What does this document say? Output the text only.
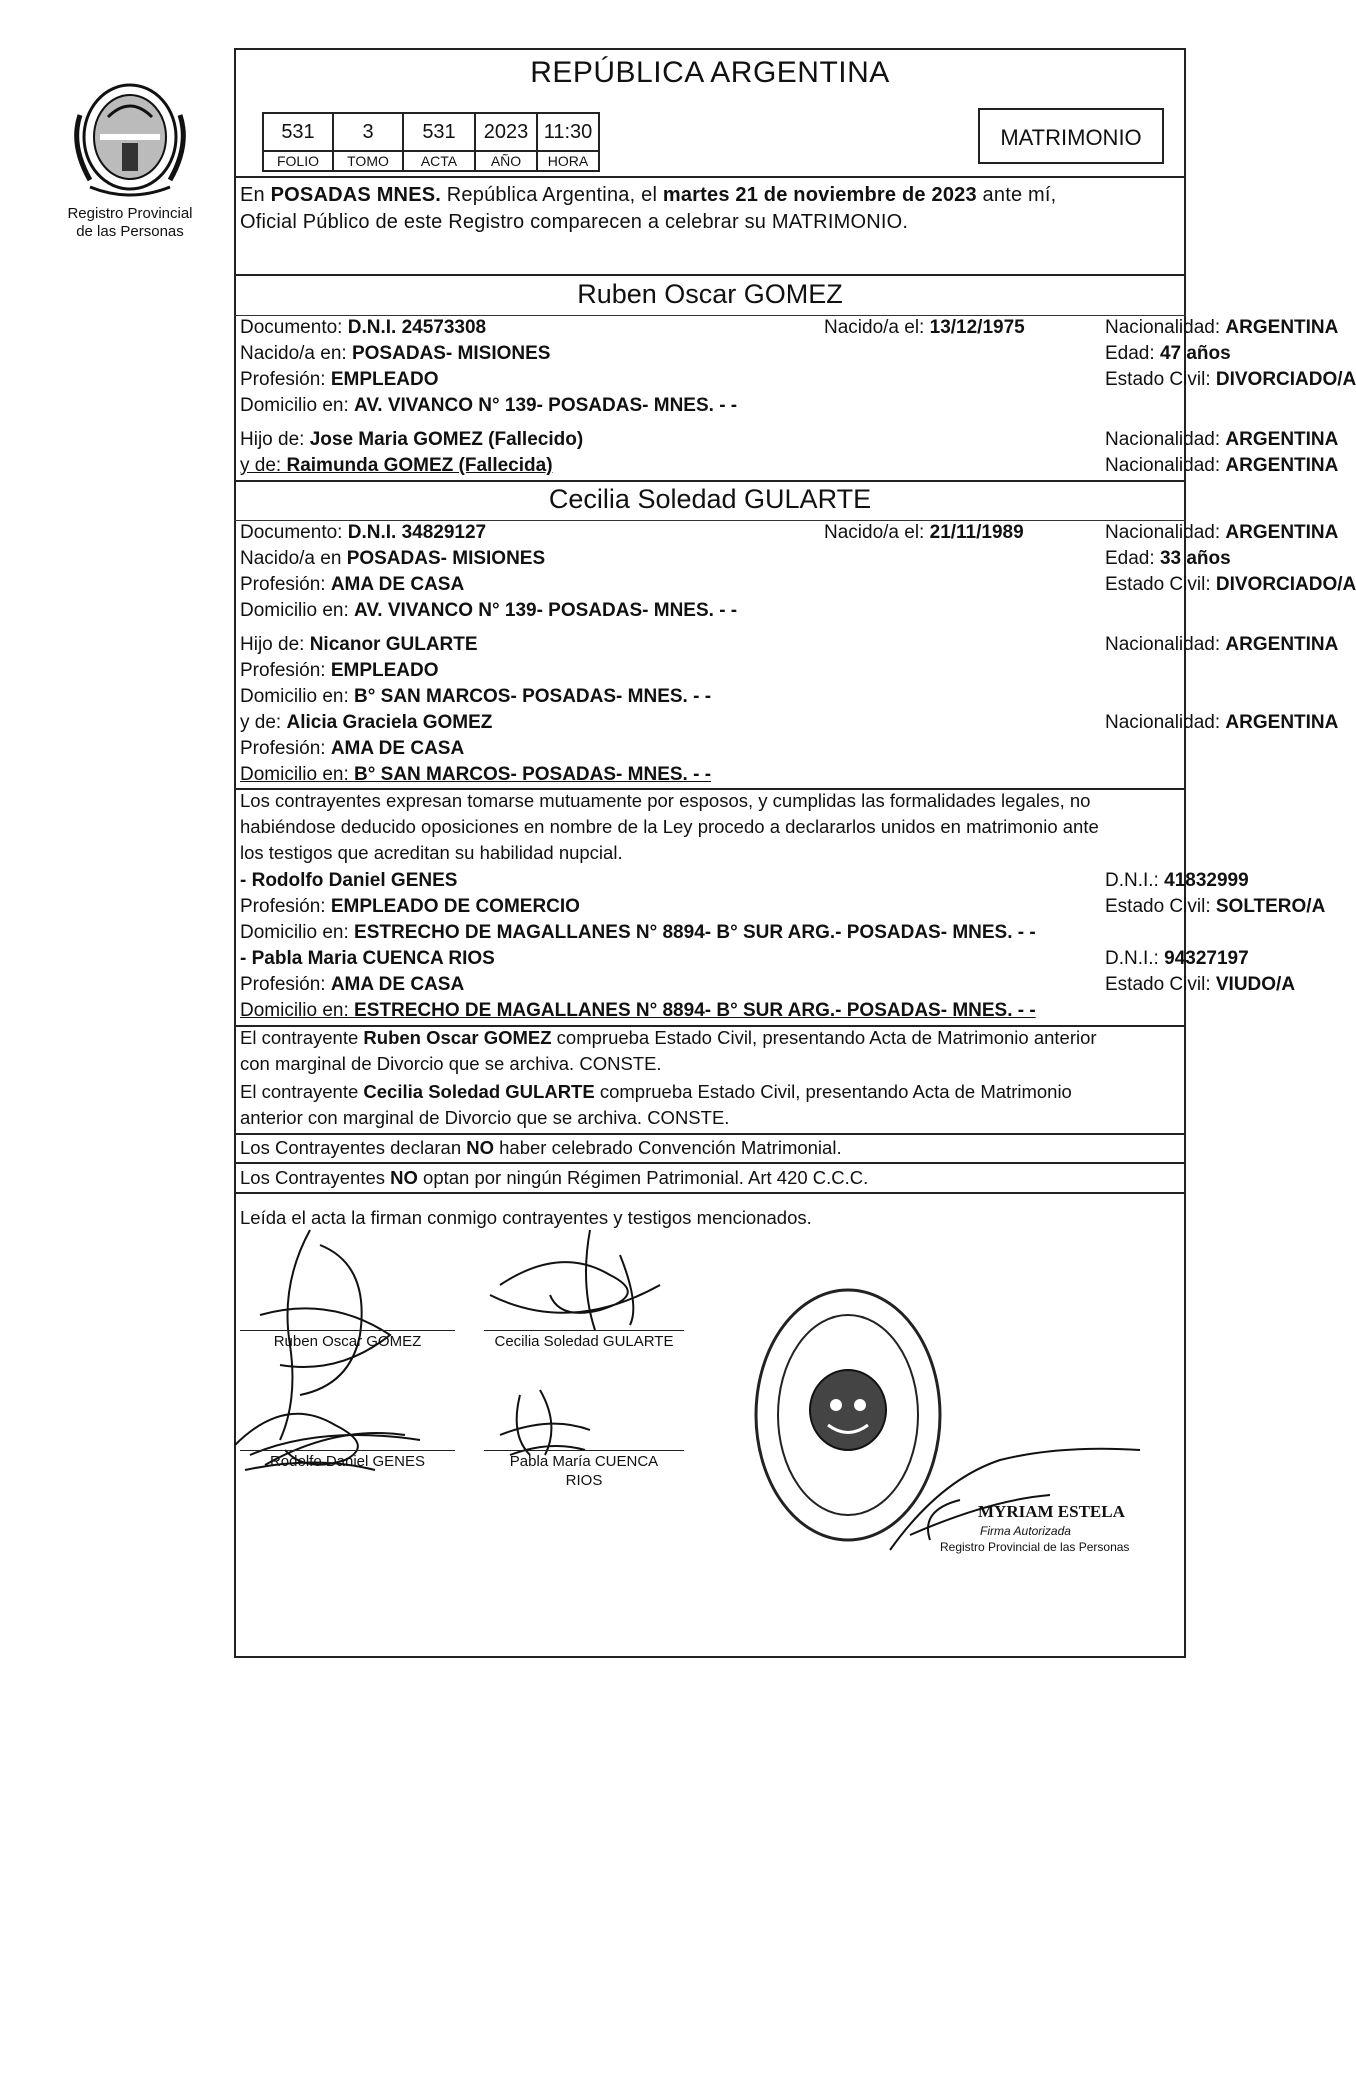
Registro Provincial
de las Personas
REPÚBLICA ARGENTINA
531	3	531	2023	11:30
FOLIO	TOMO	ACTA	AÑO	HORA
MATRIMONIO
En POSADAS MNES. República Argentina, el martes 21 de noviembre de 2023 ante mí,
Oficial Público de este Registro comparecen a celebrar su MATRIMONIO.
Ruben Oscar GOMEZ
Documento: D.N.I. 24573308	Nacido/a el: 13/12/1975	Nacionalidad: ARGENTINA
Nacido/a en: POSADAS- MISIONES	Edad: 47 años
Profesión: EMPLEADO	Estado Civil: DIVORCIADO/A
Domicilio en: AV. VIVANCO N° 139- POSADAS- MNES. - -
Hijo de: Jose Maria GOMEZ (Fallecido)	Nacionalidad: ARGENTINA
y de: Raimunda GOMEZ (Fallecida)	Nacionalidad: ARGENTINA
Cecilia Soledad GULARTE
Documento: D.N.I. 34829127	Nacido/a el: 21/11/1989	Nacionalidad: ARGENTINA
Nacido/a en POSADAS- MISIONES	Edad: 33 años
Profesión: AMA DE CASA	Estado Civil: DIVORCIADO/A
Domicilio en: AV. VIVANCO N° 139- POSADAS- MNES. - -
Hijo de: Nicanor GULARTE	Nacionalidad: ARGENTINA
Profesión: EMPLEADO
Domicilio en: B° SAN MARCOS- POSADAS- MNES. - -
y de: Alicia Graciela GOMEZ	Nacionalidad: ARGENTINA
Profesión: AMA DE CASA
Domicilio en: B° SAN MARCOS- POSADAS- MNES. - -
Los contrayentes expresan tomarse mutuamente por esposos, y cumplidas las formalidades legales, no
habiéndose deducido oposiciones en nombre de la Ley procedo a declararlos unidos en matrimonio ante
los testigos que acreditan su habilidad nupcial.
- Rodolfo Daniel GENES	D.N.I.: 41832999
Profesión: EMPLEADO DE COMERCIO	Estado Civil: SOLTERO/A
Domicilio en: ESTRECHO DE MAGALLANES N° 8894- B° SUR ARG.- POSADAS- MNES. - -
- Pabla Maria CUENCA RIOS	D.N.I.: 94327197
Profesión: AMA DE CASA	Estado Civil: VIUDO/A
Domicilio en: ESTRECHO DE MAGALLANES N° 8894- B° SUR ARG.- POSADAS- MNES. - -
El contrayente Ruben Oscar GOMEZ comprueba Estado Civil, presentando Acta de Matrimonio anterior
con marginal de Divorcio que se archiva. CONSTE.
El contrayente Cecilia Soledad GULARTE comprueba Estado Civil, presentando Acta de Matrimonio
anterior con marginal de Divorcio que se archiva. CONSTE.
Los Contrayentes declaran NO haber celebrado Convención Matrimonial.
Los Contrayentes NO optan por ningún Régimen Patrimonial. Art 420 C.C.C.
Leída el acta la firman conmigo contrayentes y testigos mencionados.
Ruben Oscar GOMEZ	Cecilia Soledad GULARTE
Rodolfo Daniel GENES	Pabla María CUENCA
RIOS
MYRIAM ESTELA
Firma Autorizada
Registro Provincial de las Personas
